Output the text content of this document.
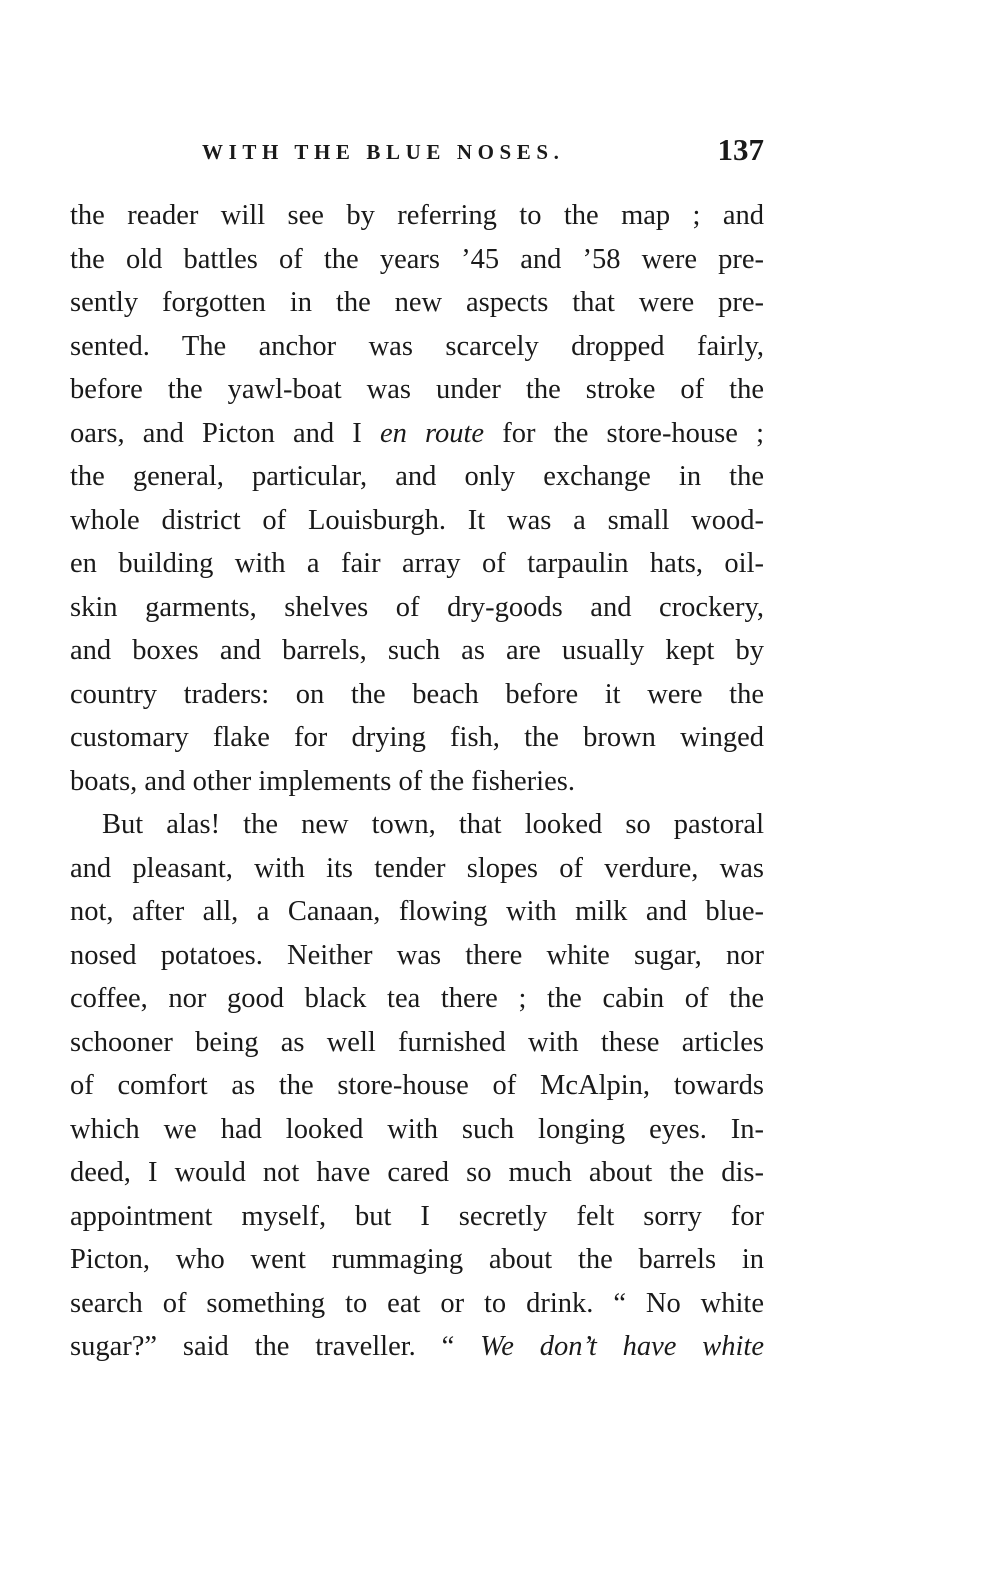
WITH THE BLUE NOSES.	137
the reader will see by referring to the map ; and
the old battles of the years ’45 and ’58 were pre-
sently forgotten in the new aspects that were pre-
sented. The anchor was scarcely dropped fairly,
before the yawl-boat was under the stroke of the
oars, and Picton and I en route for the store-house ;
the general, particular, and only exchange in the
whole district of Louisburgh. It was a small wood-
en building with a fair array of tarpaulin hats, oil-
skin garments, shelves of dry-goods and crockery,
and boxes and barrels, such as are usually kept by
country traders: on the beach before it were the
customary flake for drying fish, the brown winged
boats, and other implements of the fisheries.
But alas! the new town, that looked so pastoral
and pleasant, with its tender slopes of verdure, was
not, after all, a Canaan, flowing with milk and blue-
nosed potatoes. Neither was there white sugar, nor
coffee, nor good black tea there ; the cabin of the
schooner being as well furnished with these articles
of comfort as the store-house of McAlpin, towards
which we had looked with such longing eyes. In-
deed, I would not have cared so much about the dis-
appointment myself, but I secretly felt sorry for
Picton, who went rummaging about the barrels in
search of something to eat or to drink. “ No white
sugar?” said the traveller. “ We don’t have white
